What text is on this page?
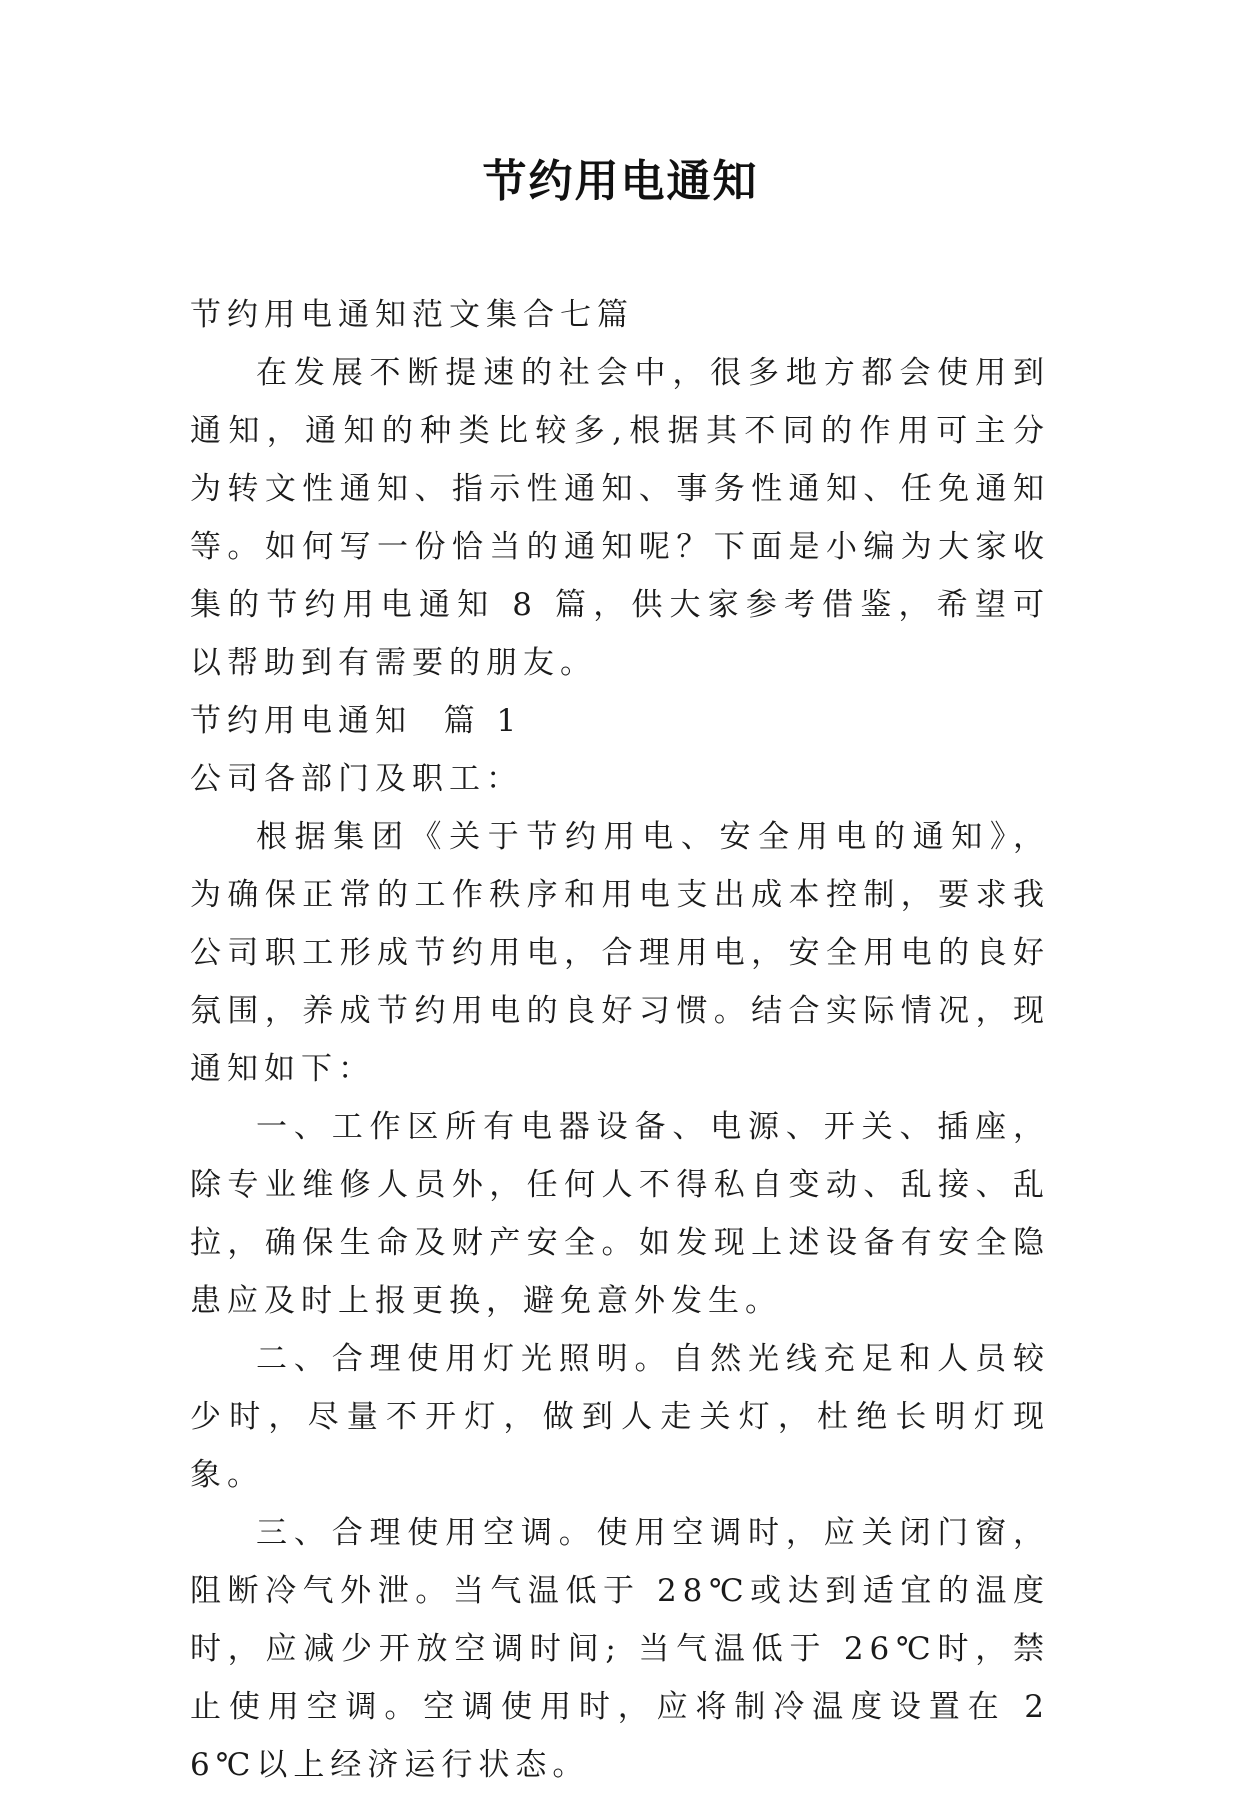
节约用电通知
节约用电通知范文集合七篇
在发展不断提速的社会中，很多地方都会使用到通知，通知的种类比较多,根据其不同的作用可主分为转文性通知、指示性通知、事务性通知、任免通知等。如何写一份恰当的通知呢？下面是小编为大家收集的节约用电通知 8 篇，供大家参考借鉴，希望可以帮助到有需要的朋友。
节约用电通知  篇 1
公司各部门及职工：
根据集团《关于节约用电、安全用电的通知》，为确保正常的工作秩序和用电支出成本控制，要求我公司职工形成节约用电，合理用电，安全用电的良好氛围，养成节约用电的良好习惯。结合实际情况，现通知如下：
一、工作区所有电器设备、电源、开关、插座，除专业维修人员外，任何人不得私自变动、乱接、乱拉，确保生命及财产安全。如发现上述设备有安全隐患应及时上报更换，避免意外发生。
二、合理使用灯光照明。自然光线充足和人员较少时，尽量不开灯，做到人走关灯，杜绝长明灯现象。
三、合理使用空调。使用空调时，应关闭门窗，阻断冷气外泄。当气温低于 28℃或达到适宜的温度时，应减少开放空调时间; 当气温低于 26℃时，禁止使用空调。空调使用时，应将制冷温度设置在 26℃以上经济运行状态。
